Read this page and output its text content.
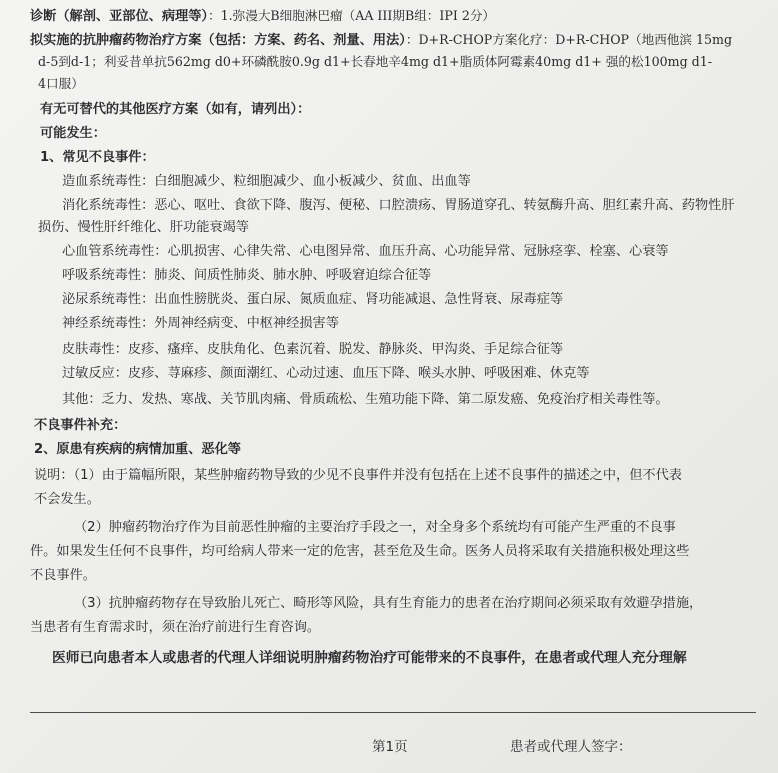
诊断（解剖、亚部位、病理等）：1.弥漫大B细胞淋巴瘤（AA III期B组：IPI 2分）
拟实施的抗肿瘤药物治疗方案（包括：方案、药名、剂量、用法）：D+R-CHOP方案化疗：D+R-CHOP（地西他滨 15mg
d-5到d-1；利妥昔单抗562mg d0+环磷酰胺0.9g d1+长春地辛4mg d1+脂质体阿霉素40mg d1+ 强的松100mg d1-
4口服）
有无可替代的其他医疗方案（如有，请列出）：
可能发生：
1、常见不良事件：
造血系统毒性：白细胞减少、粒细胞减少、血小板减少、贫血、出血等
消化系统毒性：恶心、呕吐、食欲下降、腹泻、便秘、口腔溃疡、胃肠道穿孔、转氨酶升高、胆红素升高、药物性肝
损伤、慢性肝纤维化、肝功能衰竭等
心血管系统毒性：心肌损害、心律失常、心电图异常、血压升高、心功能异常、冠脉痉挛、栓塞、心衰等
呼吸系统毒性：肺炎、间质性肺炎、肺水肿、呼吸窘迫综合征等
泌尿系统毒性：出血性膀胱炎、蛋白尿、氮质血症、肾功能减退、急性肾衰、尿毒症等
神经系统毒性：外周神经病变、中枢神经损害等
皮肤毒性：皮疹、瘙痒、皮肤角化、色素沉着、脱发、静脉炎、甲沟炎、手足综合征等
过敏反应：皮疹、荨麻疹、颜面潮红、心动过速、血压下降、喉头水肿、呼吸困难、休克等
其他：乏力、发热、寒战、关节肌肉痛、骨质疏松、生殖功能下降、第二原发癌、免疫治疗相关毒性等。
不良事件补充：
2、原患有疾病的病情加重、恶化等
说明：（1）由于篇幅所限，某些肿瘤药物导致的少见不良事件并没有包括在上述不良事件的描述之中，但不代表
不会发生。
（2）肿瘤药物治疗作为目前恶性肿瘤的主要治疗手段之一，对全身多个系统均有可能产生严重的不良事
件。如果发生任何不良事件，均可给病人带来一定的危害，甚至危及生命。医务人员将采取有关措施积极处理这些
不良事件。
（3）抗肿瘤药物存在导致胎儿死亡、畸形等风险，具有生育能力的患者在治疗期间必须采取有效避孕措施，
当患者有生育需求时，须在治疗前进行生育咨询。
医师已向患者本人或患者的代理人详细说明肿瘤药物治疗可能带来的不良事件，在患者或代理人充分理解
第1页	患者或代理人签字：
